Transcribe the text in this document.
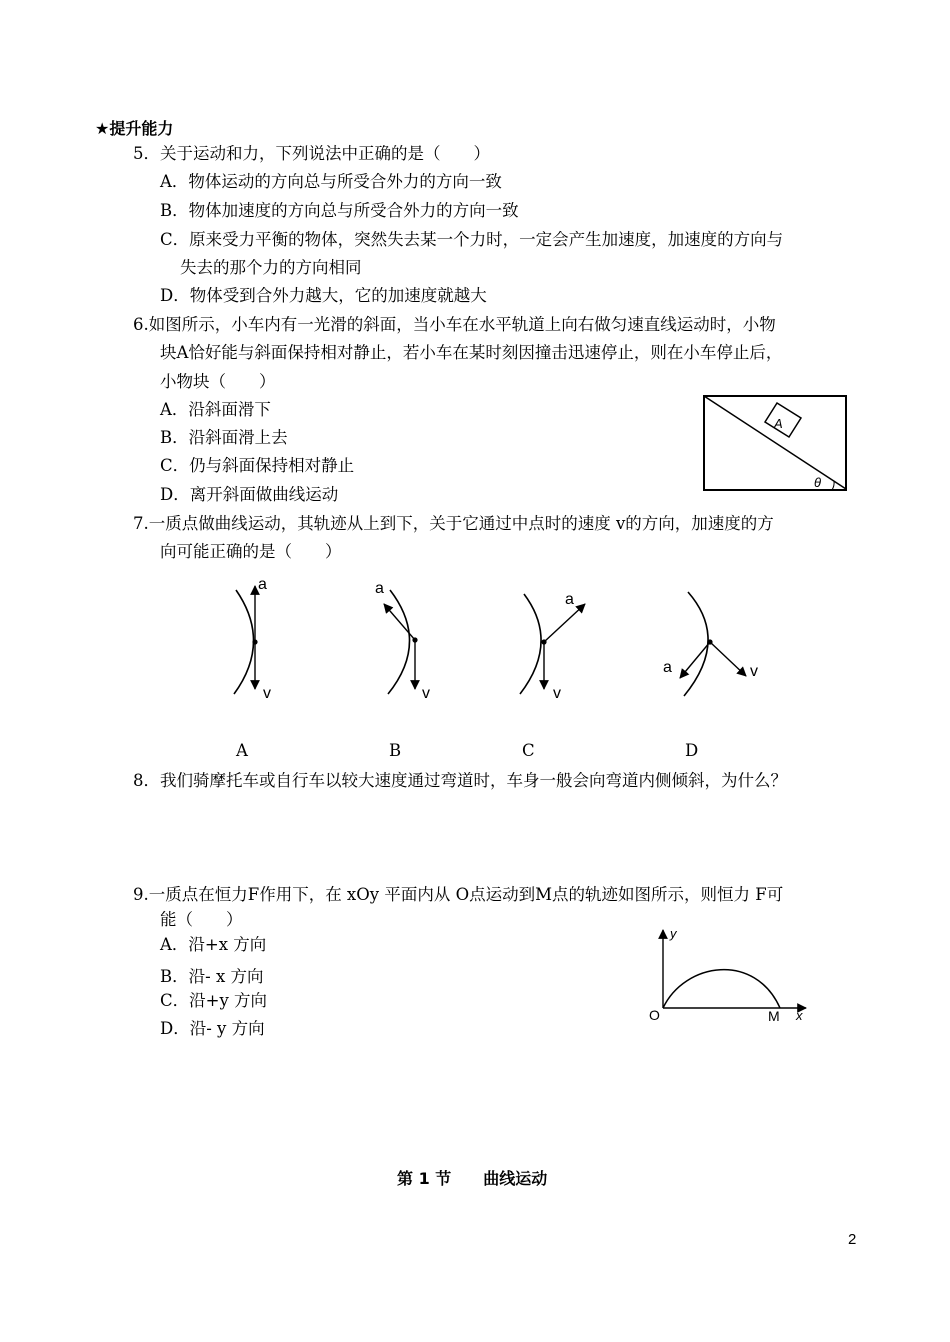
★提升能力
5．关于运动和力，下列说法中正确的是（　　）
A．物体运动的方向总与所受合外力的方向一致
B．物体加速度的方向总与所受合外力的方向一致
C．原来受力平衡的物体，突然失去某一个力时，一定会产生加速度，加速度的方向与
失去的那个力的方向相同
D．物体受到合外力越大，它的加速度就越大
6.如图所示，小车内有一光滑的斜面，当小车在水平轨道上向右做匀速直线运动时，小物
块A恰好能与斜面保持相对静止，若小车在某时刻因撞击迅速停止，则在小车停止后，
小物块（　　）
A．沿斜面滑下
B．沿斜面滑上去
C．仍与斜面保持相对静止
D．离开斜面做曲线运动
A
θ
7.一质点做曲线运动，其轨迹从上到下，关于它通过中点时的速度 v的方向，加速度的方
向可能正确的是（　　）
a
v
a
v
a
v
a	v
A	B	C	D
8．我们骑摩托车或自行车以较大速度通过弯道时，车身一般会向弯道内侧倾斜，为什么？
9.一质点在恒力F作用下，在 xOy 平面内从 O点运动到M点的轨迹如图所示，则恒力 F可
能（　　）
A．沿+x 方向
B．沿- x 方向
C．沿+y 方向
D．沿- y 方向
y
x
O	M
第 1 节　　曲线运动
2
